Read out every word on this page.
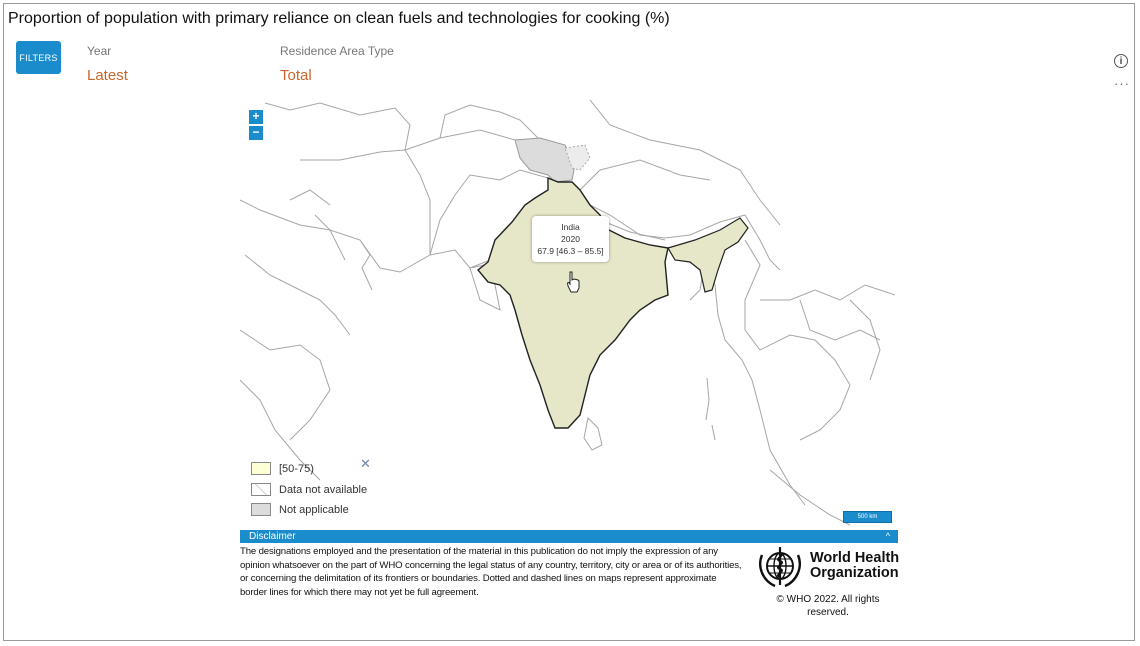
Proportion of population with primary reliance on clean fuels and technologies for cooking (%)
FILTERS Year
Latest
Residence Area Type
Total
i
···
+
−
India
2020
67.9 [46.3 – 85.5]
[50-75)
Data not available
Not applicable
✕
500 km
Disclaimer	^
The designations employed and the presentation of the material in this publication do not imply the expression of any opinion whatsoever on the part of WHO concerning the legal status of any country, territory, city or area or of its authorities, or concerning the delimitation of its frontiers or boundaries. Dotted and dashed lines on maps represent approximate border lines for which there may not yet be full agreement.
World Health
Organization
© WHO 2022. All rights reserved.
